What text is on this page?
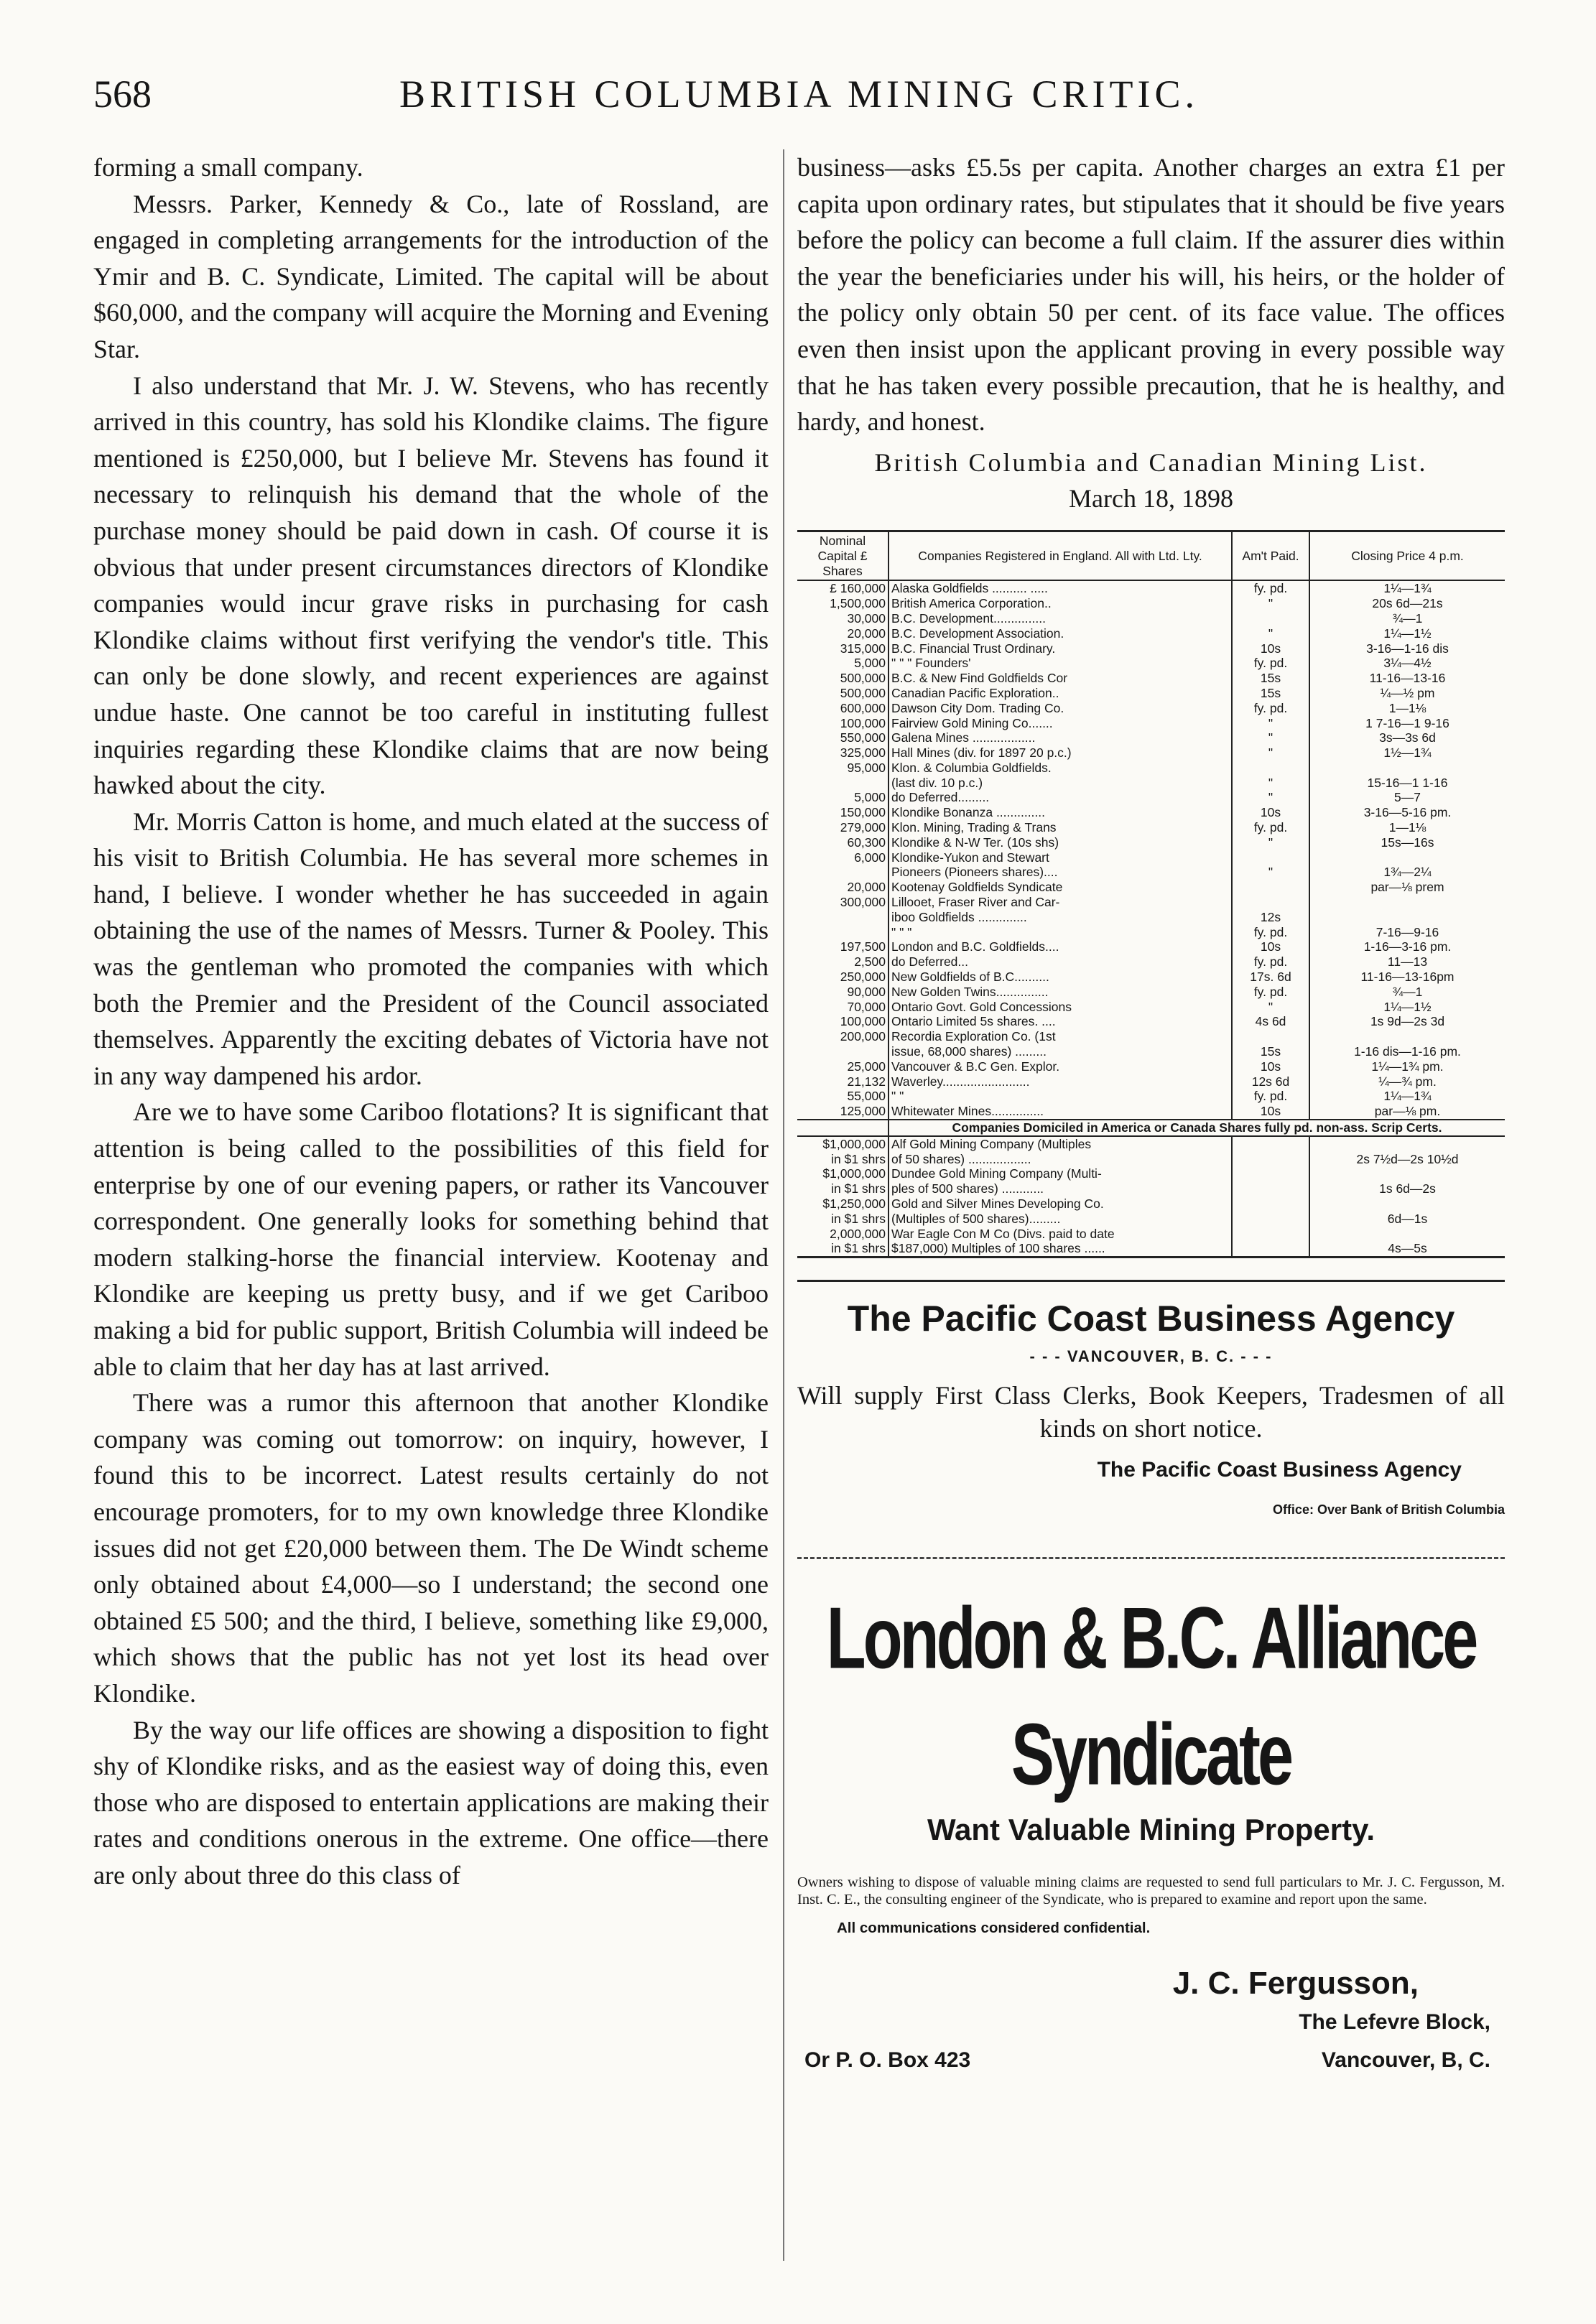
568	BRITISH COLUMBIA MINING CRITIC.

forming a small company.

Messrs. Parker, Kennedy & Co., late of Rossland, are engaged in completing arrangements for the introduction of the Ymir and B. C. Syndicate, Limited. The capital will be about $60,000, and the company will acquire the Morning and Evening Star.

I also understand that Mr. J. W. Stevens, who has recently arrived in this country, has sold his Klondike claims. The figure mentioned is £250,000, but I believe Mr. Stevens has found it necessary to relinquish his demand that the whole of the purchase money should be paid down in cash. Of course it is obvious that under present circumstances directors of Klondike companies would incur grave risks in purchasing for cash Klondike claims without first verifying the vendor's title. This can only be done slowly, and recent experiences are against undue haste. One cannot be too careful in instituting fullest inquiries regarding these Klondike claims that are now being hawked about the city.

Mr. Morris Catton is home, and much elated at the success of his visit to British Columbia. He has several more schemes in hand, I believe. I wonder whether he has succeeded in again obtaining the use of the names of Messrs. Turner & Pooley. This was the gentleman who promoted the companies with which both the Premier and the President of the Council associated themselves. Apparently the exciting debates of Victoria have not in any way dampened his ardor.

Are we to have some Cariboo flotations? It is significant that attention is being called to the possibilities of this field for enterprise by one of our evening papers, or rather its Vancouver correspondent. One generally looks for something behind that modern stalking-horse the financial interview. Kootenay and Klondike are keeping us pretty busy, and if we get Cariboo making a bid for public support, British Columbia will indeed be able to claim that her day has at last arrived.

There was a rumor this afternoon that another Klondike company was coming out tomorrow: on inquiry, however, I found this to be incorrect. Latest results certainly do not encourage promoters, for to my own knowledge three Klondike issues did not get £20,000 between them. The De Windt scheme only obtained about £4,000—so I understand; the second one obtained £5 500; and the third, I believe, something like £9,000, which shows that the public has not yet lost its head over Klondike.

By the way our life offices are showing a disposition to fight shy of Klondike risks, and as the easiest way of doing this, even those who are disposed to entertain applications are making their rates and conditions onerous in the extreme. One office—there are only about three do this class of

business—asks £5.5s per capita. Another charges an extra £1 per capita upon ordinary rates, but stipulates that it should be five years before the policy can become a full claim. If the assurer dies within the year the beneficiaries under his will, his heirs, or the holder of the policy only obtain 50 per cent. of its face value. The offices even then insist upon the applicant proving in every possible way that he has taken every possible precaution, that he is healthy, and hardy, and honest.

British Columbia and Canadian Mining List.
March 18, 1898
Nominal Capital £ Shares	Companies Registered in England. All with Ltd. Lty.	Am't Paid.	Closing Price 4 p.m.
£ 160,000	Alaska Goldfields .......... .....	fy. pd.	1¼—1¾
1,500,000	British America Corporation..	"	20s 6d—21s
30,000	B.C. Development...............		¾—1
20,000	B.C. Development Association.	"	1¼—1½
315,000	B.C. Financial Trust Ordinary.	10s	3-16—1-16 dis
5,000	" " " Founders'	fy. pd.	3¼—4½
500,000	B.C. & New Find Goldfields Cor	15s	11-16—13-16
500,000	Canadian Pacific Exploration..	15s	¼—½ pm
600,000	Dawson City Dom. Trading Co.	fy. pd.	1—1⅛
100,000	Fairview Gold Mining Co.......	"	1 7-16—1 9-16
550,000	Galena Mines ..................	"	3s—3s 6d
325,000	Hall Mines (div. for 1897 20 p.c.)	"	1½—1¾
95,000	Klon. & Columbia Goldfields.		
	(last div. 10 p.c.)	"	15-16—1 1-16
5,000	do Deferred.........	"	5—7
150,000	Klondike Bonanza ..............	10s	3-16—5-16 pm.
279,000	Klon. Mining, Trading & Trans	fy. pd.	1—1⅛
60,300	Klondike & N-W Ter. (10s shs)	"	15s—16s
6,000	Klondike-Yukon and Stewart		
	Pioneers (Pioneers shares)....	"	1¾—2¼
20,000	Kootenay Goldfields Syndicate		par—⅛ prem
300,000	Lillooet, Fraser River and Car-		
	iboo Goldfields ..............	12s	
	" " "	fy. pd.	7-16—9-16
197,500	London and B.C. Goldfields....	10s	1-16—3-16 pm.
2,500	do Deferred...	fy. pd.	11—13
250,000	New Goldfields of B.C..........	17s. 6d	11-16—13-16pm
90,000	New Golden Twins...............	fy. pd.	¾—1
70,000	Ontario Govt. Gold Concessions	"	1¼—1½
100,000	Ontario Limited 5s shares. ....	4s 6d	1s 9d—2s 3d
200,000	Recordia Exploration Co. (1st		
	issue, 68,000 shares) .........	15s	1-16 dis—1-16 pm.
25,000	Vancouver & B.C Gen. Explor.	10s	1¼—1¾ pm.
21,132	Waverley.........................	12s 6d	¼—¾ pm.
55,000	" "	fy. pd.	1¼—1¾
125,000	Whitewater Mines...............	10s	par—⅛ pm.
	Companies Domiciled in America or Canada Shares fully pd. non-ass. Scrip Certs.		
$1,000,000	Alf Gold Mining Company (Multiples		
in $1 shrs	of 50 shares) ..................		2s 7½d—2s 10½d
$1,000,000	Dundee Gold Mining Company (Multi-		
in $1 shrs	ples of 500 shares) ............		1s 6d—2s
$1,250,000	Gold and Silver Mines Developing Co.		
in $1 shrs	(Multiples of 500 shares).........		6d—1s
2,000,000	War Eagle Con M Co (Divs. paid to date		
in $1 shrs	$187,000) Multiples of 100 shares ......		4s—5s
The Pacific Coast Business Agency
- - - VANCOUVER, B. C. - - -
Will supply First Class Clerks, Book Keepers, Tradesmen of all kinds on short notice.
The Pacific Coast Business Agency
Office: Over Bank of British Columbia
London & B.C. Alliance Syndicate
Want Valuable Mining Property.
Owners wishing to dispose of valuable mining claims are requested to send full particulars to Mr. J. C. Fergusson, M. Inst. C. E., the consulting engineer of the Syndicate, who is prepared to examine and report upon the same.
All communications considered confidential.
J. C. Fergusson,
The Lefevre Block,
Or P. O. Box 423	Vancouver, B, C.
